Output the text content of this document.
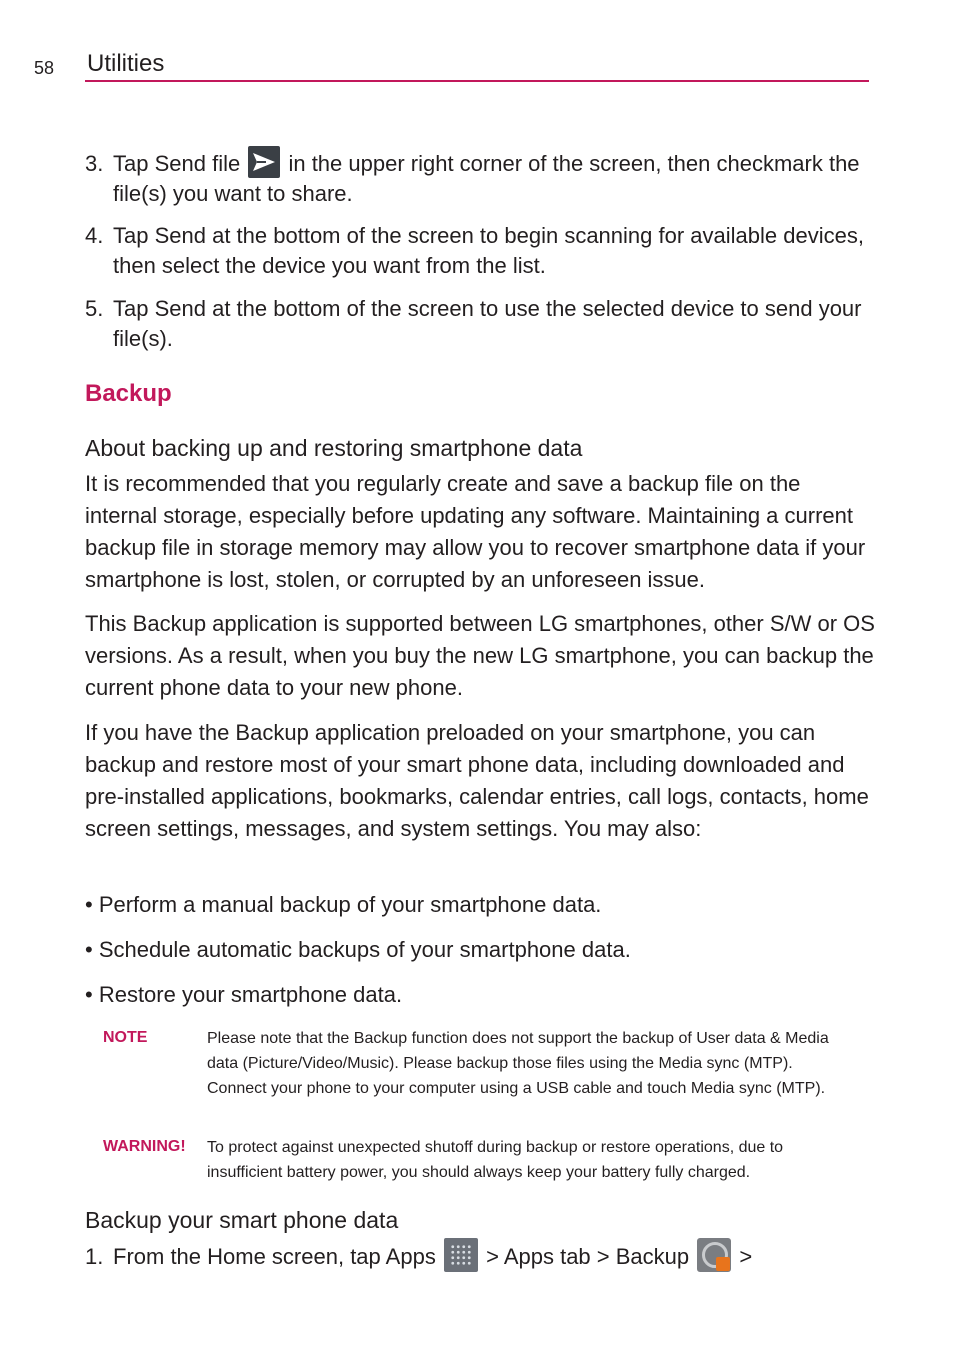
58 Utilities
3. Tap Send file
in the upper right corner of the screen, then checkmark the file(s) you want to share.
4. Tap Send at the bottom of the screen to begin scanning for available devices, then select the device you want from the list.
5. Tap Send at the bottom of the screen to use the selected device to send your file(s).
Backup
About backing up and restoring smartphone data
It is recommended that you regularly create and save a backup file on the internal storage, especially before updating any software. Maintaining a current backup file in storage memory may allow you to recover smartphone data if your smartphone is lost, stolen, or corrupted by an unforeseen issue.
This Backup application is supported between LG smartphones, other S/W or OS versions. As a result, when you buy the new LG smartphone, you can backup the current phone data to your new phone.
If you have the Backup application preloaded on your smartphone, you can backup and restore most of your smart phone data, including downloaded and pre-installed applications, bookmarks, calendar entries, call logs, contacts, home screen settings, messages, and system settings. You may also:
• Perform a manual backup of your smartphone data.
• Schedule automatic backups of your smartphone data.
• Restore your smartphone data.
NOTE	Please note that the Backup function does not support the backup of User data & Media data (Picture/Video/Music). Please backup those files using the Media sync (MTP). Connect your phone to your computer using a USB cable and touch Media sync (MTP).
WARNING! To protect against unexpected shutoff during backup or restore operations, due to insufficient battery power, you should always keep your battery fully charged.
Backup your smart phone data
1. From the Home screen, tap Apps
> Apps tab > Backup
>
